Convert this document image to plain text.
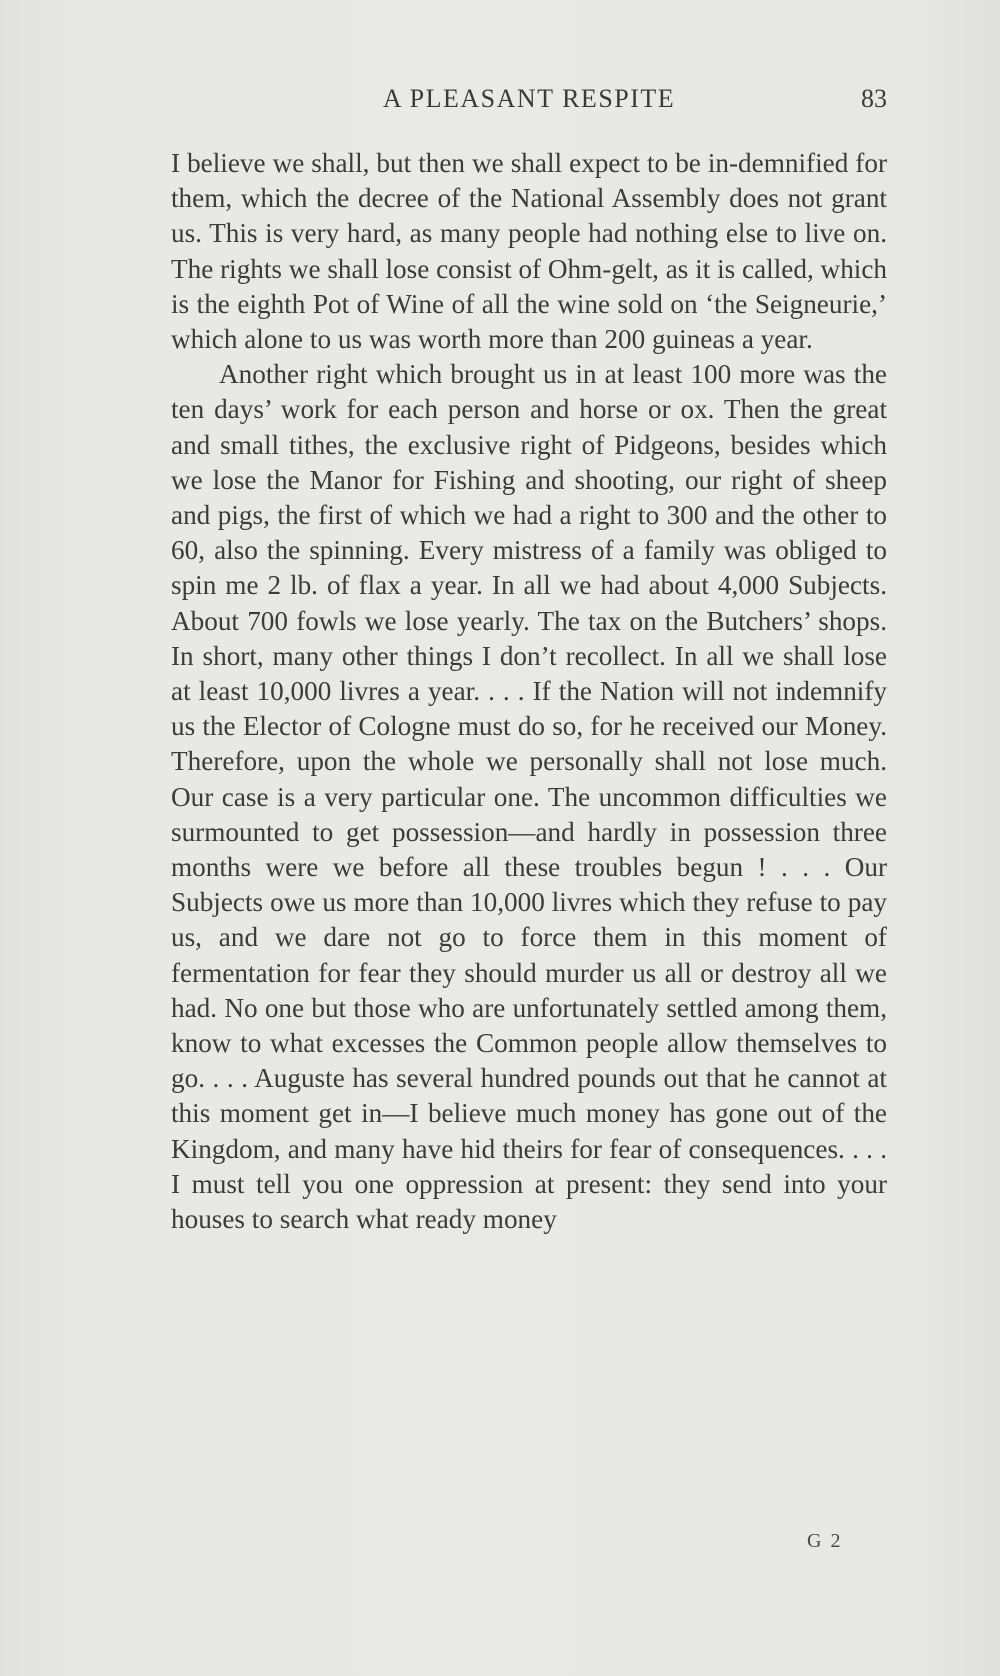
A PLEASANT RESPITE	83

I believe we shall, but then we shall expect to be in-demnified for them, which the decree of the National Assembly does not grant us. This is very hard, as many people had nothing else to live on. The rights we shall lose consist of Ohm-gelt, as it is called, which is the eighth Pot of Wine of all the wine sold on ‘the Seigneurie,’ which alone to us was worth more than 200 guineas a year.

Another right which brought us in at least 100 more was the ten days’ work for each person and horse or ox. Then the great and small tithes, the exclusive right of Pidgeons, besides which we lose the Manor for Fishing and shooting, our right of sheep and pigs, the first of which we had a right to 300 and the other to 60, also the spinning. Every mistress of a family was obliged to spin me 2 lb. of flax a year. In all we had about 4,000 Subjects. About 700 fowls we lose yearly. The tax on the Butchers’ shops. In short, many other things I don’t recollect. In all we shall lose at least 10,000 livres a year. . . . If the Nation will not indemnify us the Elector of Cologne must do so, for he received our Money. Therefore, upon the whole we personally shall not lose much. Our case is a very particular one. The uncommon difficulties we surmounted to get possession—and hardly in possession three months were we before all these troubles begun ! . . . Our Subjects owe us more than 10,000 livres which they refuse to pay us, and we dare not go to force them in this moment of fermentation for fear they should murder us all or destroy all we had. No one but those who are unfortunately settled among them, know to what excesses the Common people allow themselves to go. . . . Auguste has several hundred pounds out that he cannot at this moment get in—I believe much money has gone out of the Kingdom, and many have hid theirs for fear of consequences. . . . I must tell you one oppression at present: they send into your houses to search what ready money

G 2
